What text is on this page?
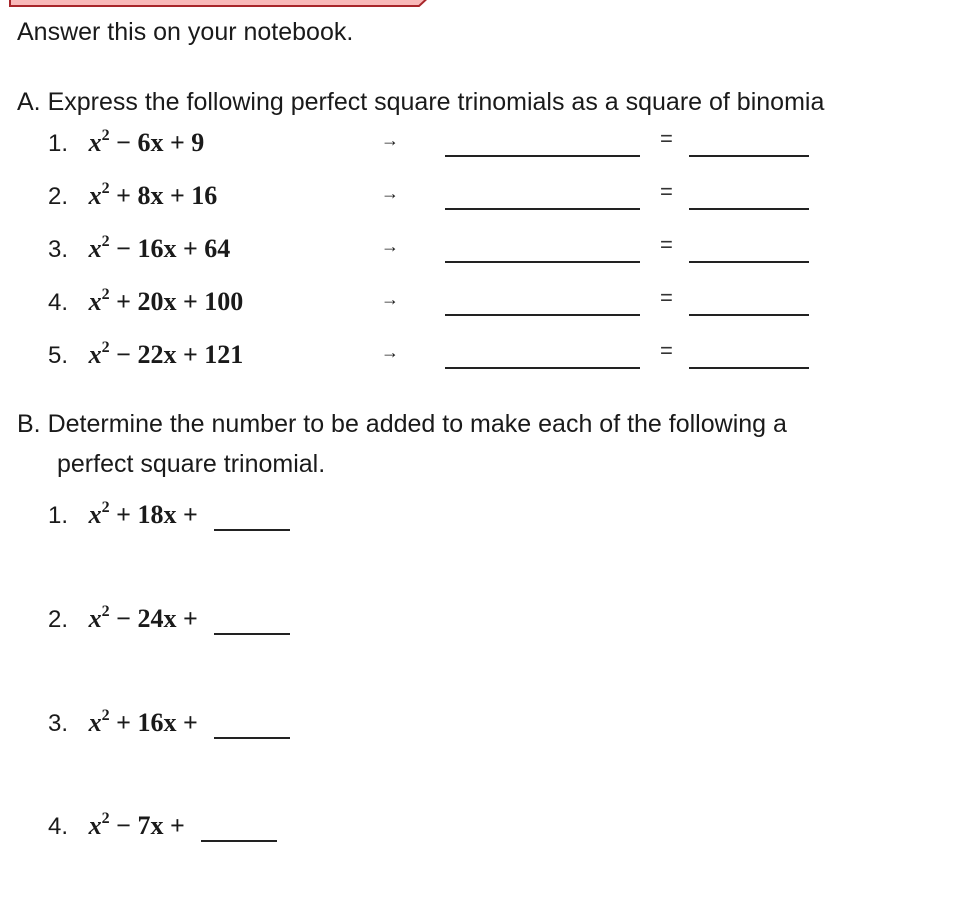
Answer this on your notebook.
A. Express the following perfect square trinomials as a square of binomia
1. $x^2 - 6x + 9$	→	=
2. $x^2 + 8x + 16$	→	=
3. $x^2 - 16x + 64$	→	=
4. $x^2 + 20x + 100$	→	=
5. $x^2 - 22x + 121$	→	=
B. Determine the number to be added to make each of the following a
perfect square trinomial.
1. $x^2 + 18x$ +
2. $x^2 - 24x$ +
3. $x^2 + 16x$ +
4. $x^2 - 7x$ +
